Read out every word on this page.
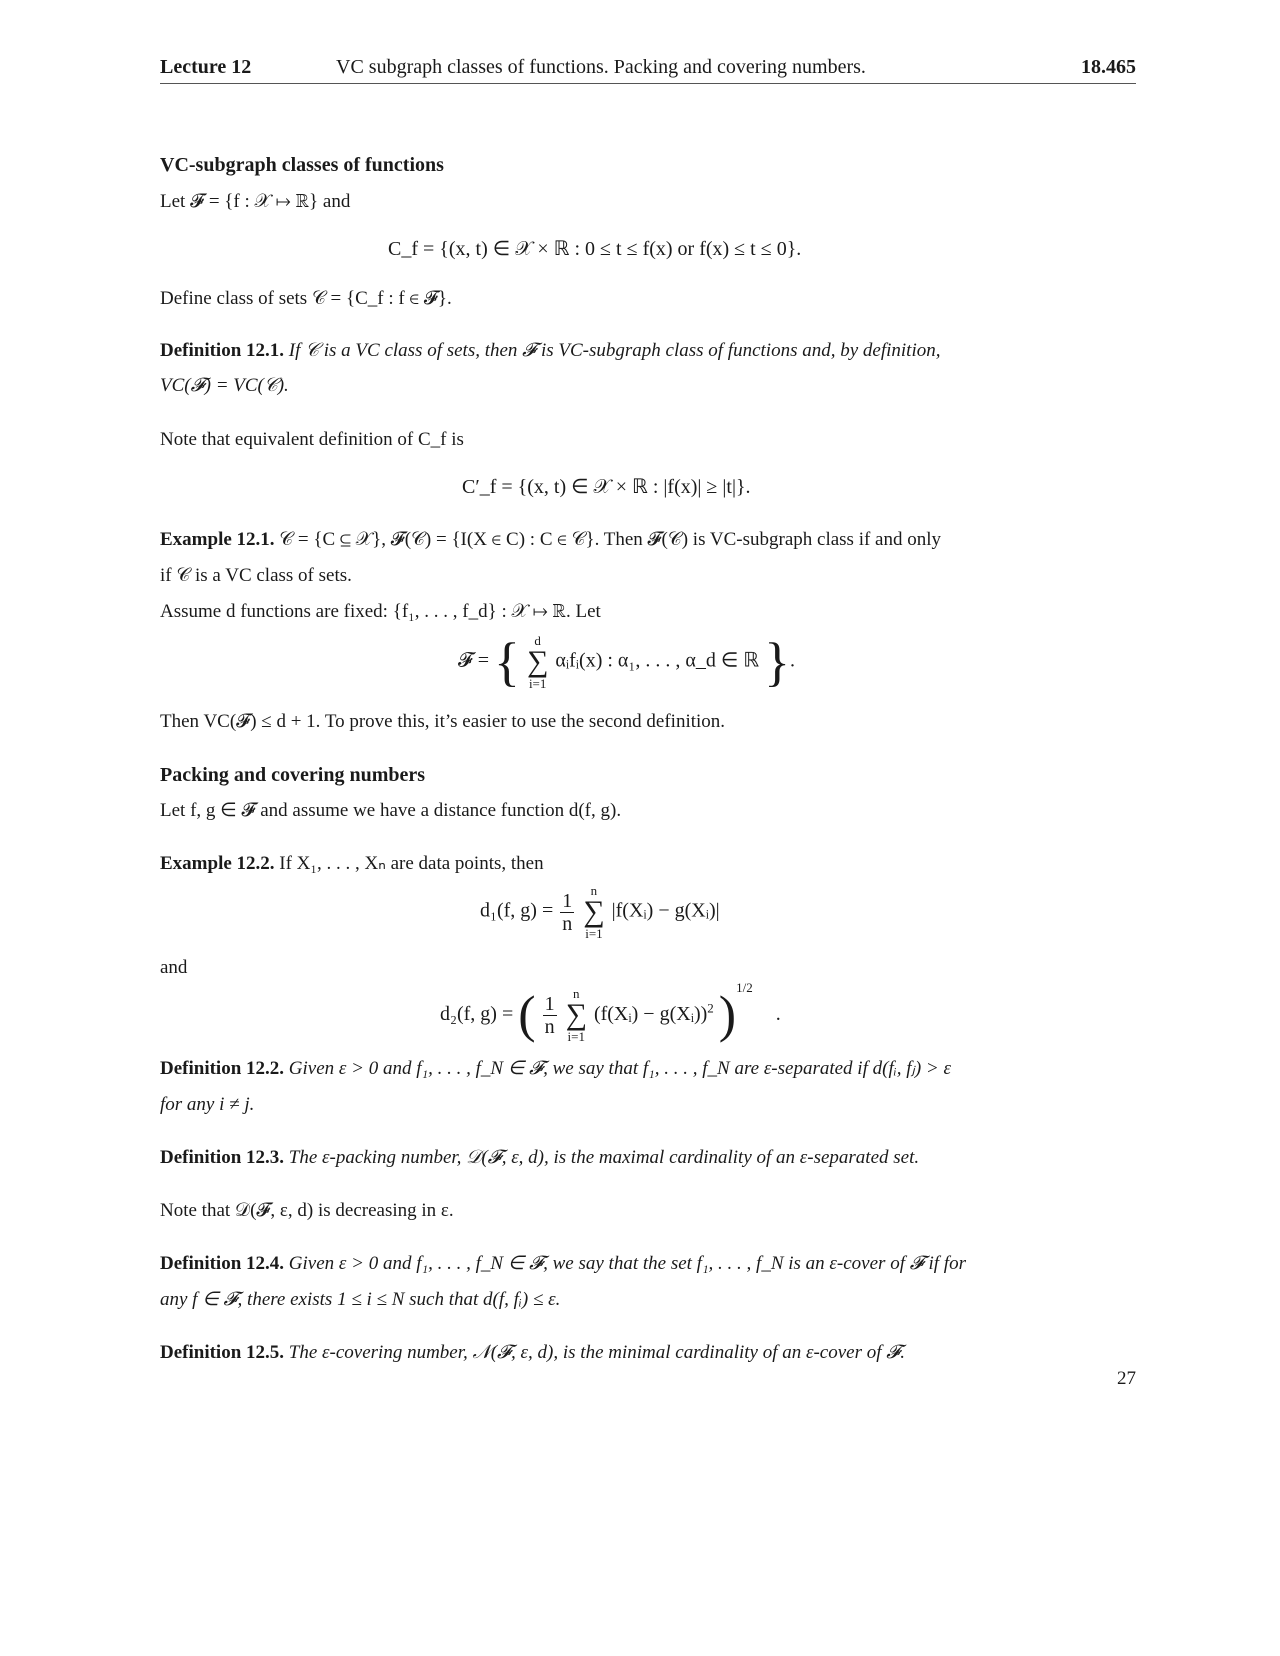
Lecture 12	VC subgraph classes of functions. Packing and covering numbers.	18.465
VC-subgraph classes of functions
Let 𝓕 = {f : 𝒳 ↦ ℝ} and
C_f = {(x, t) ∈ 𝒳 × ℝ : 0 ≤ t ≤ f(x) or f(x) ≤ t ≤ 0}.
Define class of sets 𝒞 = {C_f : f ∈ 𝓕}.
Definition 12.1. If 𝒞 is a VC class of sets, then 𝓕 is VC-subgraph class of functions and, by definition,
VC(𝓕) = VC(𝒞).
Note that equivalent definition of C_f is
C′_f = {(x, t) ∈ 𝒳 × ℝ : |f(x)| ≥ |t|}.
Example 12.1. 𝒞 = {C ⊆ 𝒳}, 𝓕(𝒞) = {I(X ∈ C) : C ∈ 𝒞}. Then 𝓕(𝒞) is VC-subgraph class if and only
if 𝒞 is a VC class of sets.
Assume d functions are fixed: {f₁, . . . , f_d} : 𝒳 ↦ ℝ. Let
𝓕 = {	d
∑
i=1
αᵢfᵢ(x) : α₁, . . . , α_d ∈ ℝ }.
Then VC(𝓕) ≤ d + 1. To prove this, it’s easier to use the second definition.
Packing and covering numbers
Let f, g ∈ 𝓕 and assume we have a distance function d(f, g).
Example 12.2. If X₁, . . . , Xₙ are data points, then
d₁(f, $g) = \frac{1}{n}$
	n
∑
i=1
|f(Xᵢ) − g(Xᵢ)|
and
d₂(f, g) = ( $\frac{1}{n}$
	n
∑
i=1
(f(Xᵢ) − g(Xᵢ))$^2$ )$^{1/2}$ .
Definition 12.2. Given ε > 0 and f₁, . . . , f_N ∈ 𝓕, we say that f₁, . . . , f_N are ε-separated if d(fᵢ, fⱼ) > ε
for any i ≠ j.
Definition 12.3. The ε-packing number, 𝒟(𝓕, ε, d), is the maximal cardinality of an ε-separated set.
Note that 𝒟(𝓕, ε, d) is decreasing in ε.
Definition 12.4. Given ε > 0 and f₁, . . . , f_N ∈ 𝓕, we say that the set f₁, . . . , f_N is an ε-cover of 𝓕 if for
any f ∈ 𝓕, there exists 1 ≤ i ≤ N such that d(f, fᵢ) ≤ ε.
Definition 12.5. The ε-covering number, 𝒩(𝓕, ε, d), is the minimal cardinality of an ε-cover of 𝓕.
27
